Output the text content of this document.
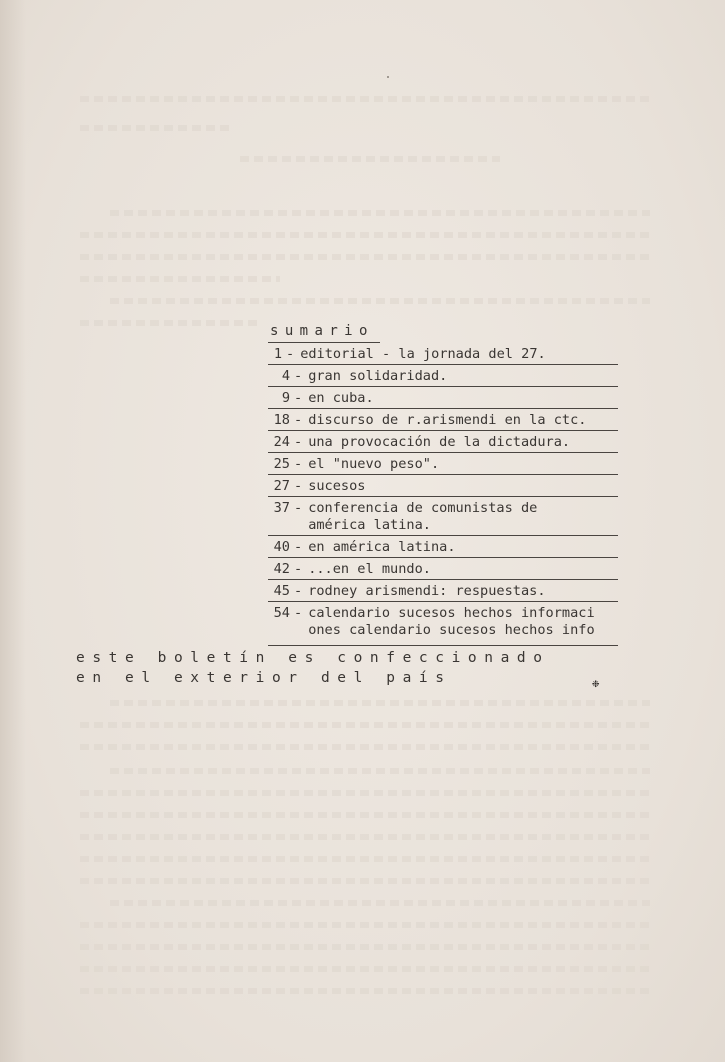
sumario
1 - editorial - la jornada del 27.
4 - gran solidaridad.
9 - en cuba.
18 - discurso de r.arismendi en la ctc.
24 - una provocación de la dictadura.
25 - el "nuevo peso".
27 - sucesos
37 - conferencia de comunistas de
américa latina.
40 - en américa latina.
42 - ...en el mundo.
45 - rodney arismendi: respuestas.
54 - calendario sucesos hechos informaci
ones calendario sucesos hechos info
este boletín es confeccionado
en el exterior del país	❉
